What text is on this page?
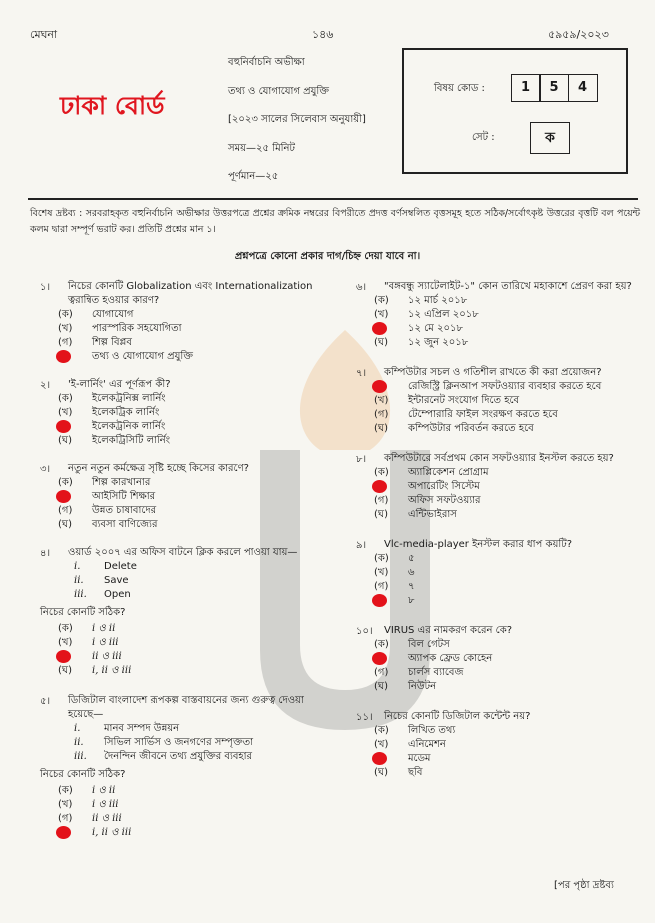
মেঘনা	১৪৬	৫৯৫৯/২০২৩
ঢাকা বোর্ড
বহুনির্বাচনি অভীক্ষা
তথ্য ও যোগাযোগ প্রযুক্তি
[২০২৩ সালের সিলেবাস অনুযায়ী]
সময়—২৫ মিনিট
পূর্ণমান—২৫
বিষয় কোড :	1	5	4
সেট :	ক
বিশেষ দ্রষ্টব্য : সরবরাহকৃত বহুনির্বাচনি অভীক্ষার উত্তরপত্রে প্রশ্নের ক্রমিক নম্বরের বিপরীতে প্রদত্ত বর্ণসম্বলিত বৃত্তসমূহ হতে সঠিক/সর্বোৎকৃষ্ট উত্তরের বৃত্তটি বল পয়েন্ট কলম দ্বারা সম্পূর্ণ ভরাট কর। প্রতিটি প্রশ্নের মান ১।
প্রশ্নপত্রে কোনো প্রকার দাগ/চিহ্ন দেয়া যাবে না।
১। নিচের কোনটি Globalization এবং Internationalization ত্বরান্বিত হওয়ার কারণ?
(ক) যোগাযোগ
(খ) পারস্পরিক সহযোগিতা
(গ) শিল্প বিপ্লব
তথ্য ও যোগাযোগ প্রযুক্তি
২। 'ই-লার্নিং' এর পূর্ণরূপ কী?
(ক) ইলেকট্রনিক্স লার্নিং
(খ) ইলেকট্রিক লার্নিং
ইলেকট্রনিক লার্নিং
(ঘ) ইলেকট্রিসিটি লার্নিং
৩। নতুন নতুন কর্মক্ষেত্র সৃষ্টি হচ্ছে কিসের কারণে?
(ক) শিল্প কারখানার
আইসিটি শিক্ষার
(গ) উন্নত চাষাবাদের
(ঘ) ব্যবসা বাণিজ্যের
৪। ওয়ার্ড ২০০৭ এর অফিস বাটনে ক্লিক করলে পাওয়া যায়—
i. Delete
ii. Save
iii. Open
নিচের কোনটি সঠিক?
(ক) i ও ii
(খ) i ও iii
ii ও iii
(ঘ) i, ii ও iii
৫। ডিজিটাল বাংলাদেশ রূপকল্প বাস্তবায়নের জন্য গুরুত্ব দেওয়া হয়েছে—
i. মানব সম্পদ উন্নয়ন
ii. সিভিল সার্ভিস ও জনগণের সম্পৃক্ততা
iii. দৈনন্দিন জীবনে তথ্য প্রযুক্তির ব্যবহার
নিচের কোনটি সঠিক?
(ক) i ও ii
(খ) i ও iii
(গ) ii ও iii
i, ii ও iii
৬। "বঙ্গবন্ধু স্যাটেলাইট-১" কোন তারিখে মহাকাশে প্রেরণ করা হয়?
(ক) ১২ মার্চ ২০১৮
(খ) ১২ এপ্রিল ২০১৮
১২ মে ২০১৮
(ঘ) ১২ জুন ২০১৮
৭। কম্পিউটার সচল ও গতিশীল রাখতে কী করা প্রয়োজন?
রেজিস্ট্রি ক্লিনআপ সফটওয়্যার ব্যবহার করতে হবে
(খ) ইন্টারনেট সংযোগ দিতে হবে
(গ) টেম্পোরারি ফাইল সংরক্ষণ করতে হবে
(ঘ) কম্পিউটার পরিবর্তন করতে হবে
৮। কম্পিউটারে সর্বপ্রথম কোন সফটওয়্যার ইনস্টল করতে হয়?
(ক) অ্যাপ্লিকেশন প্রোগ্রাম
অপারেটিং সিস্টেম
(গ) অফিস সফটওয়্যার
(ঘ) এন্টিভাইরাস
৯। Vlc-media-player ইনস্টল করার ধাপ কয়টি?
(ক) ৫
(খ) ৬
(গ) ৭
৮
১০। VIRUS এর নামকরণ করেন কে?
(ক) বিল গেটস
অ্যাপক ফ্রেড কোহেন
(গ) চার্লস ব্যাবেজ
(ঘ) নিউটন
১১। নিচের কোনটি ডিজিটাল কন্টেন্ট নয়?
(ক) লিখিত তথ্য
(খ) এনিমেশন
মডেম
(ঘ) ছবি
[পর পৃষ্ঠা দ্রষ্টব্য
